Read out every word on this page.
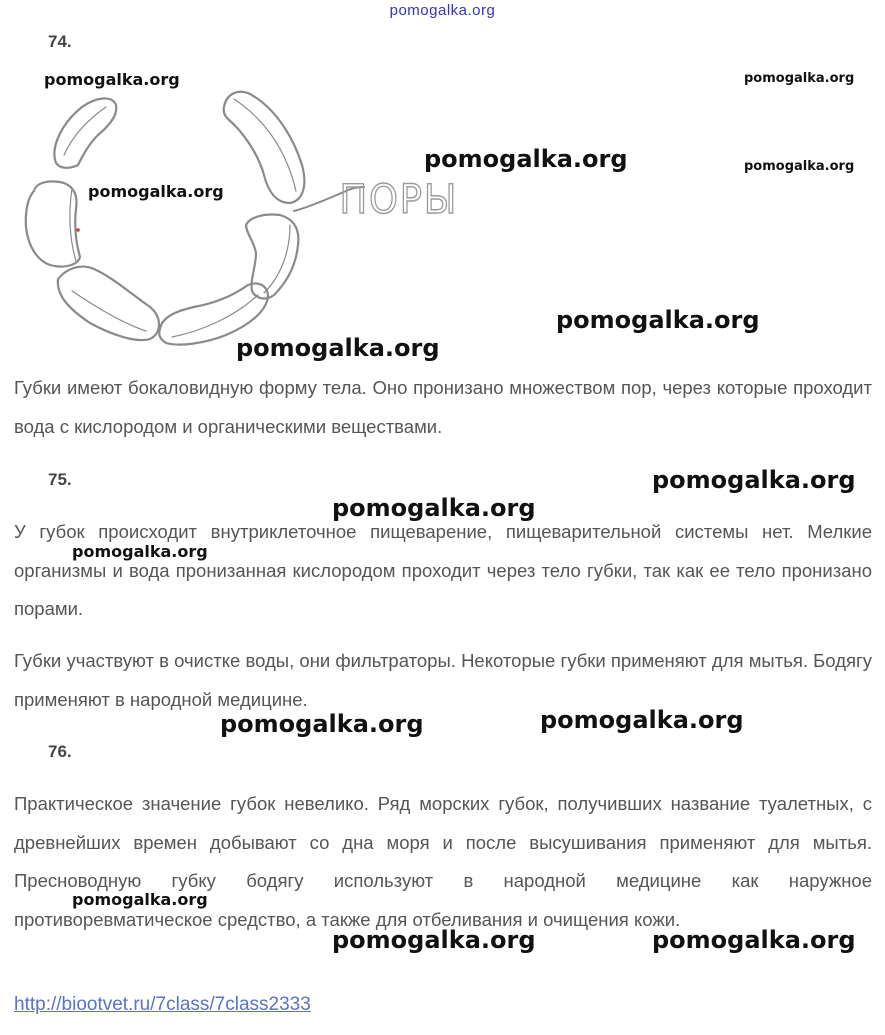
pomogalka.org
74.
ПОРЫ

Губки имеют бокаловидную форму тела. Оно пронизано множеством пор, через которые проходит вода с кислородом и органическими веществами.

75.

У губок происходит внутриклеточное пищеварение, пищеварительной системы нет. Мелкие организмы и вода пронизанная кислородом проходит через тело губки, так как ее тело пронизано порами.

Губки участвуют в очистке воды, они фильтраторы. Некоторые губки применяют для мытья. Бодягу применяют в народной медицине.

76.

Практическое значение губок невелико. Ряд морских губок, получивших название туалетных, с древнейших времен добывают со дна моря и после высушивания применяют для мытья. Пресноводную губку бодягу используют в народной медицине как наружное противоревматическое средство, а также для отбеливания и очищения кожи.

http://biootvet.ru/7class/7class2333
pomogalka.org	pomogalka.org
pomogalka.org	pomogalka.org
pomogalka.org
pomogalka.org
pomogalka.org
pomogalka.org
pomogalka.org
pomogalka.org
pomogalka.org
pomogalka.org
pomogalka.org
pomogalka.org	pomogalka.org
